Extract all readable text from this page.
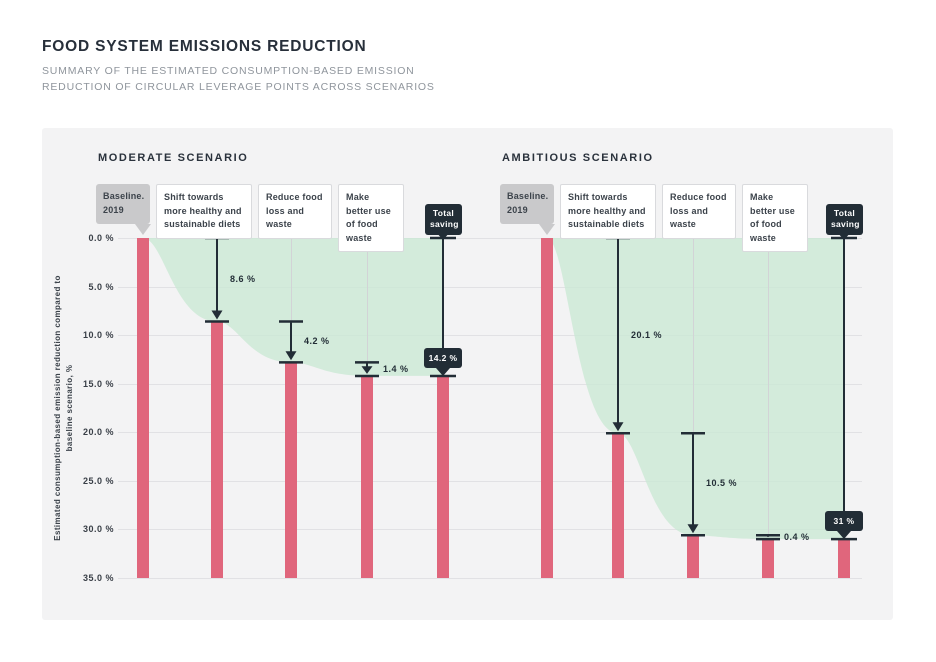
FOOD SYSTEM EMISSIONS REDUCTION
SUMMARY OF THE ESTIMATED CONSUMPTION-BASED EMISSION
REDUCTION OF CIRCULAR LEVERAGE POINTS ACROSS SCENARIOS
Estimated consumption-based emission reduction compared to baseline scenario, %
0.0 %
5.0 %
10.0 %
15.0 %
20.0 %
25.0 %
30.0 %
35.0 %
MODERATE SCENARIO
8.6 %
4.2 %
1.4 %
Baseline. 2019
Shift towards more healthy and sustainable diets
Reduce food loss and waste
Make better use of food waste
Total saving
14.2 %
AMBITIOUS SCENARIO
20.1 %
10.5 %
0.4 %
Baseline. 2019
Shift towards more healthy and sustainable diets
Reduce food loss and waste
Make better use of food waste
Total saving
31 %
